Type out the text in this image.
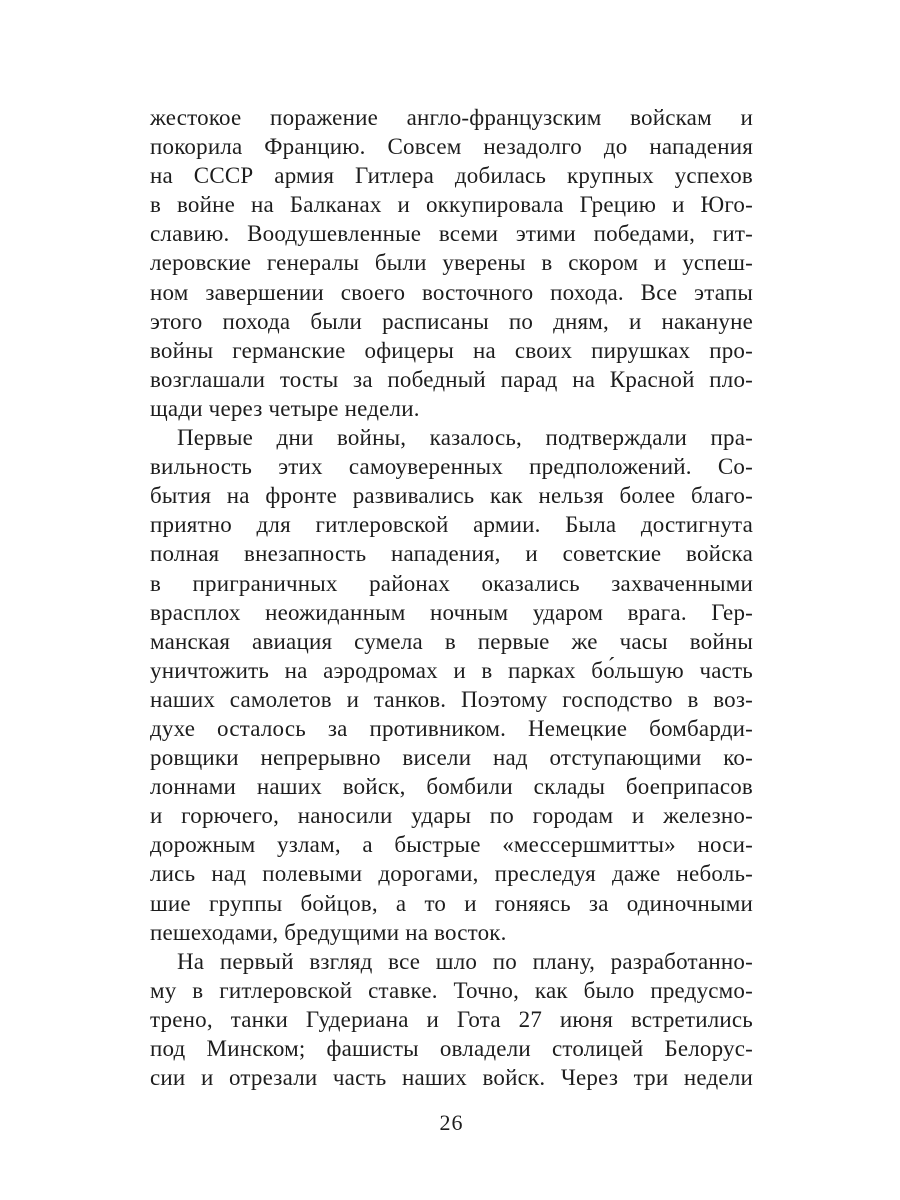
жестокое поражение англо-французским войскам и
покорила Францию. Совсем незадолго до нападения
на СССР армия Гитлера добилась крупных успехов
в войне на Балканах и оккупировала Грецию и Юго-
славию. Воодушевленные всеми этими победами, гит-
леровские генералы были уверены в скором и успеш-
ном завершении своего восточного похода. Все этапы
этого похода были расписаны по дням, и накануне
войны германские офицеры на своих пирушках про-
возглашали тосты за победный парад на Красной пло-
щади через четыре недели.
Первые дни войны, казалось, подтверждали пра-
вильность этих самоуверенных предположений. Со-
бытия на фронте развивались как нельзя более благо-
приятно для гитлеровской армии. Была достигнута
полная внезапность нападения, и советские войска
в приграничных районах оказались захваченными
врасплох неожиданным ночным ударом врага. Гер-
манская авиация сумела в первые же часы войны
уничтожить на аэродромах и в парках бо́льшую часть
наших самолетов и танков. Поэтому господство в воз-
духе осталось за противником. Немецкие бомбарди-
ровщики непрерывно висели над отступающими ко-
лоннами наших войск, бомбили склады боеприпасов
и горючего, наносили удары по городам и железно-
дорожным узлам, а быстрые «мессершмитты» носи-
лись над полевыми дорогами, преследуя даже неболь-
шие группы бойцов, а то и гоняясь за одиночными
пешеходами, бредущими на восток.
На первый взгляд все шло по плану, разработанно-
му в гитлеровской ставке. Точно, как было предусмо-
трено, танки Гудериана и Гота 27 июня встретились
под Минском; фашисты овладели столицей Белорус-
сии и отрезали часть наших войск. Через три недели
26
